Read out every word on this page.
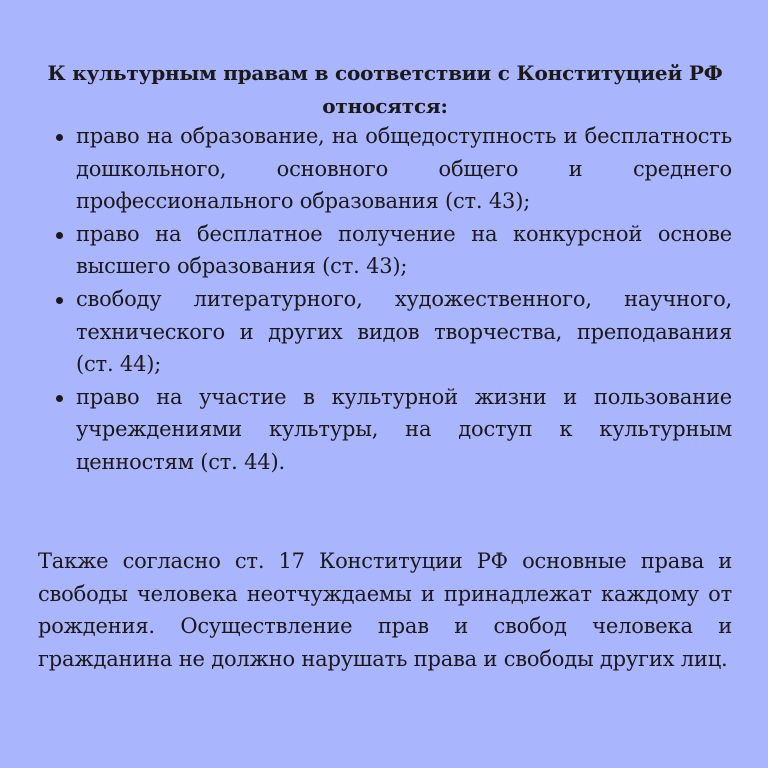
К культурным правам в соответствии с Конституцией РФ относятся:
право на образование, на общедоступность и бесплатность дошкольного, основного общего и среднего профессионального образования (ст. 43);
право на бесплатное получение на конкурсной основе высшего образования (ст. 43);
свободу литературного, художественного, научного, технического и других видов творчества, преподавания (ст. 44);
право на участие в культурной жизни и пользование учреждениями культуры, на доступ к культурным ценностям (ст. 44).

Также согласно ст. 17 Конституции РФ основные права и свободы человека неотчуждаемы и принадлежат каждому от рождения. Осуществление прав и свобод человека и гражданина не должно нарушать права и свободы других лиц.
